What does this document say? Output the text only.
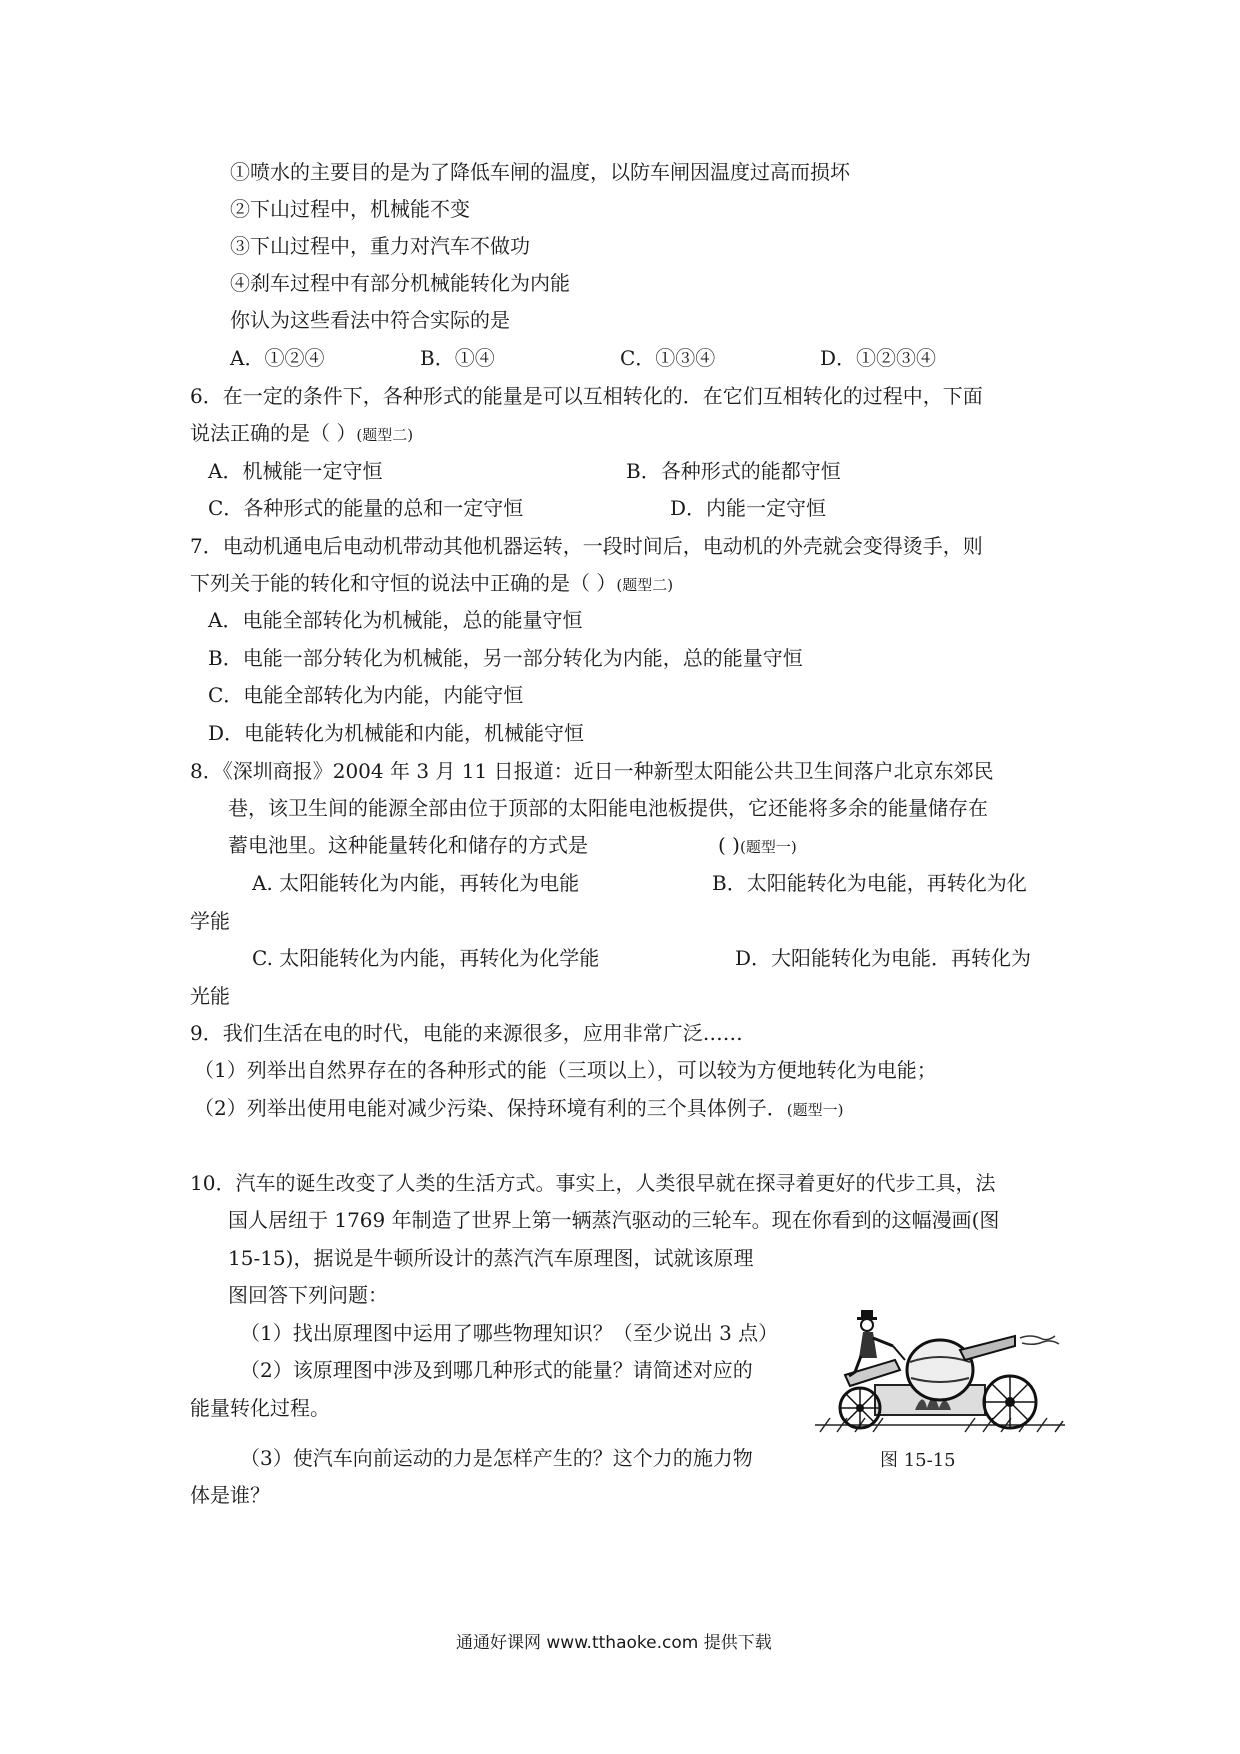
①喷水的主要目的是为了降低车闸的温度，以防车闸因温度过高而损坏
②下山过程中，机械能不变
③下山过程中，重力对汽车不做功
④刹车过程中有部分机械能转化为内能
你认为这些看法中符合实际的是
A．①②④	B．①④	C．①③④	D．①②③④
6．在一定的条件下，各种形式的能量是可以互相转化的．在它们互相转化的过程中，下面
说法正确的是（ ）(题型二)
A．机械能一定守恒	B．各种形式的能都守恒
C．各种形式的能量的总和一定守恒	D．内能一定守恒
7．电动机通电后电动机带动其他机器运转，一段时间后，电动机的外壳就会变得烫手，则
下列关于能的转化和守恒的说法中正确的是（ ）(题型二)
A．电能全部转化为机械能，总的能量守恒
B．电能一部分转化为机械能，另一部分转化为内能，总的能量守恒
C．电能全部转化为内能，内能守恒
D．电能转化为机械能和内能，机械能守恒
8．《深圳商报》2004 年 3 月 11 日报道：近日一种新型太阳能公共卫生间落户北京东郊民
巷，该卫生间的能源全部由位于顶部的太阳能电池板提供，它还能将多余的能量储存在
蓄电池里。这种能量转化和储存的方式是	( )(题型一)
A. 太阳能转化为内能，再转化为电能	B．太阳能转化为电能，再转化为化
学能
C. 太阳能转化为内能，再转化为化学能	D．大阳能转化为电能．再转化为
光能
9．我们生活在电的时代，电能的来源很多，应用非常广泛……
（1）列举出自然界存在的各种形式的能（三项以上），可以较为方便地转化为电能；
（2）列举出使用电能对减少污染、保持环境有利的三个具体例子．(题型一)
10．汽车的诞生改变了人类的生活方式。事实上，人类很早就在探寻着更好的代步工具，法
国人居纽于 1769 年制造了世界上第一辆蒸汽驱动的三轮车。现在你看到的这幅漫画(图
15-15)，据说是牛顿所设计的蒸汽汽车原理图，试就该原理
图回答下列问题：
（1）找出原理图中运用了哪些物理知识？（至少说出 3 点）
（2）该原理图中涉及到哪几种形式的能量？请简述对应的
能量转化过程。
（3）使汽车向前运动的力是怎样产生的？这个力的施力物
体是谁？
图 15-15
通通好课网 www.tthaoke.com 提供下载
